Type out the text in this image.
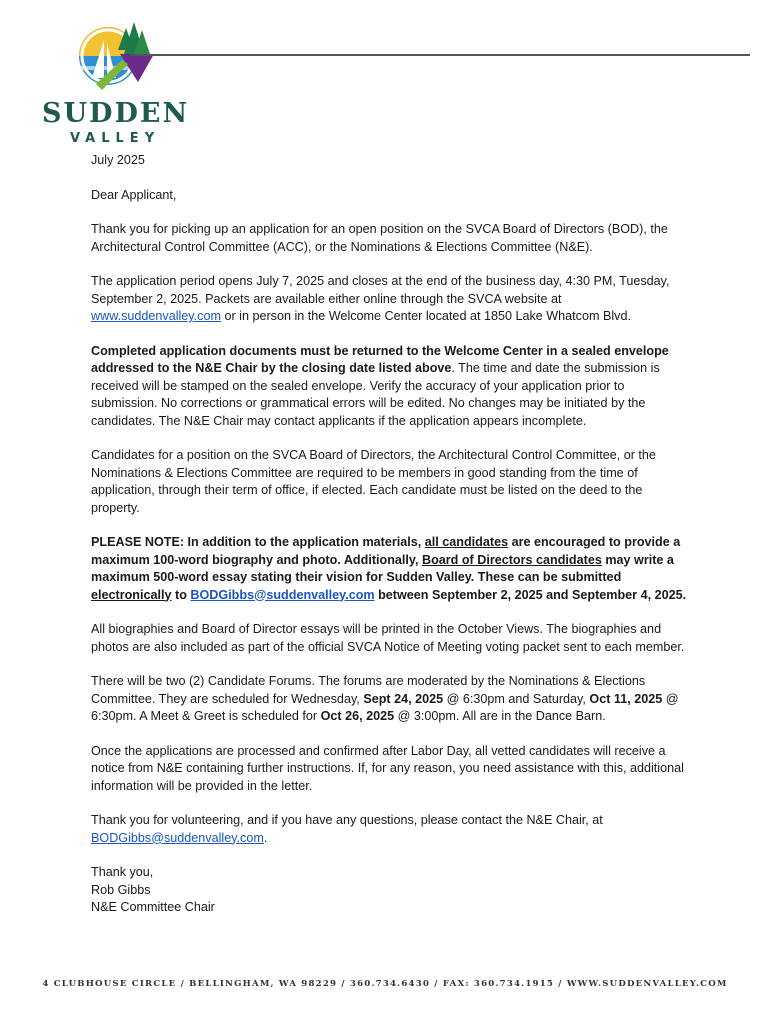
SUDDEN
VALLEY

July 2025

Dear Applicant,

Thank you for picking up an application for an open position on the SVCA Board of Directors (BOD), the Architectural Control Committee (ACC), or the Nominations & Elections Committee (N&E).

The application period opens July 7, 2025 and closes at the end of the business day, 4:30 PM, Tuesday, September 2, 2025. Packets are available either online through the SVCA website at www.suddenvalley.com or in person in the Welcome Center located at 1850 Lake Whatcom Blvd.

Completed application documents must be returned to the Welcome Center in a sealed envelope addressed to the N&E Chair by the closing date listed above. The time and date the submission is received will be stamped on the sealed envelope. Verify the accuracy of your application prior to submission. No corrections or grammatical errors will be edited. No changes may be initiated by the candidates. The N&E Chair may contact applicants if the application appears incomplete.

Candidates for a position on the SVCA Board of Directors, the Architectural Control Committee, or the Nominations & Elections Committee are required to be members in good standing from the time of application, through their term of office, if elected. Each candidate must be listed on the deed to the property.

PLEASE NOTE: In addition to the application materials, all candidates are encouraged to provide a maximum 100-word biography and photo. Additionally, Board of Directors candidates may write a maximum 500-word essay stating their vision for Sudden Valley. These can be submitted electronically to BODGibbs@suddenvalley.com between September 2, 2025 and September 4, 2025.

All biographies and Board of Director essays will be printed in the October Views. The biographies and photos are also included as part of the official SVCA Notice of Meeting voting packet sent to each member.

There will be two (2) Candidate Forums. The forums are moderated by the Nominations & Elections Committee. They are scheduled for Wednesday, Sept 24, 2025 @ 6:30pm and Saturday, Oct 11, 2025 @ 6:30pm. A Meet & Greet is scheduled for Oct 26, 2025 @ 3:00pm. All are in the Dance Barn.

Once the applications are processed and confirmed after Labor Day, all vetted candidates will receive a notice from N&E containing further instructions. If, for any reason, you need assistance with this, additional information will be provided in the letter.

Thank you for volunteering, and if you have any questions, please contact the N&E Chair, at BODGibbs@suddenvalley.com.

Thank you,

Rob Gibbs

N&E Committee Chair

4 CLUBHOUSE CIRCLE / BELLINGHAM, WA 98229 / 360.734.6430 / FAX: 360.734.1915 / WWW.SUDDENVALLEY.COM
